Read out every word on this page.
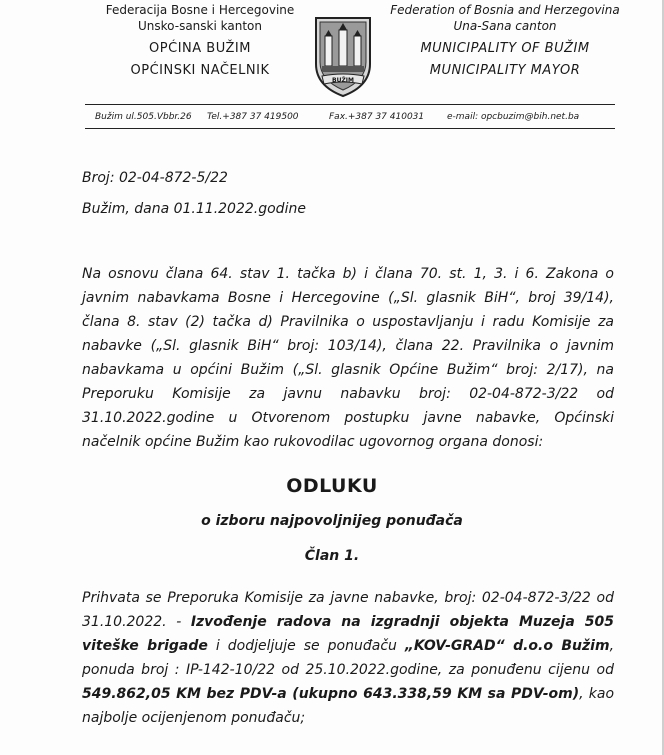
Federacija Bosne i Hercegovine
Unsko-sanski kanton
OPĆINA BUŽIM
OPĆINSKI NAČELNIK
BUŽIM
Federation of Bosnia and Herzegovina
Una-Sana canton
MUNICIPALITY OF BUŽIM
MUNICIPALITY MAYOR
Bužim ul.505.Vbbr.26 Tel.+387 37 419500	Fax.+387 37 410031	e-mail: opcbuzim@bih.net.ba
Broj: 02-04-872-5/22
Bužim, dana 01.11.2022.godine
Na osnovu člana 64. stav 1. tačka b) i člana 70. st. 1, 3. i 6. Zakona o javnim nabavkama Bosne i Hercegovine („Sl. glasnik BiH“, broj 39/14), člana 8. stav (2) tačka d) Pravilnika o uspostavljanju i radu Komisije za nabavke („Sl. glasnik BiH“ broj: 103/14), člana 22. Pravilnika o javnim nabavkama u općini Bužim („Sl. glasnik Općine Bužim“ broj: 2/17), na Preporuku Komisije za javnu nabavku broj: 02-04-872-3/22 od 31.10.2022.godine u Otvorenom postupku javne nabavke, Općinski načelnik općine Bužim kao rukovodilac ugovornog organa donosi:
ODLUKU
o izboru najpovoljnijeg ponuđača
Član 1.
Prihvata se Preporuka Komisije za javne nabavke, broj: 02-04-872-3/22 od 31.10.2022. - Izvođenje radova na izgradnji objekta Muzeja 505 viteške brigade i dodjeljuje se ponuđaču „KOV-GRAD“ d.o.o Bužim, ponuda broj : IP-142-10/22 od 25.10.2022.godine, za ponuđenu cijenu od 549.862,05 KM bez PDV-a (ukupno 643.338,59 KM sa PDV-om), kao najbolje ocijenjenom ponuđaču;
